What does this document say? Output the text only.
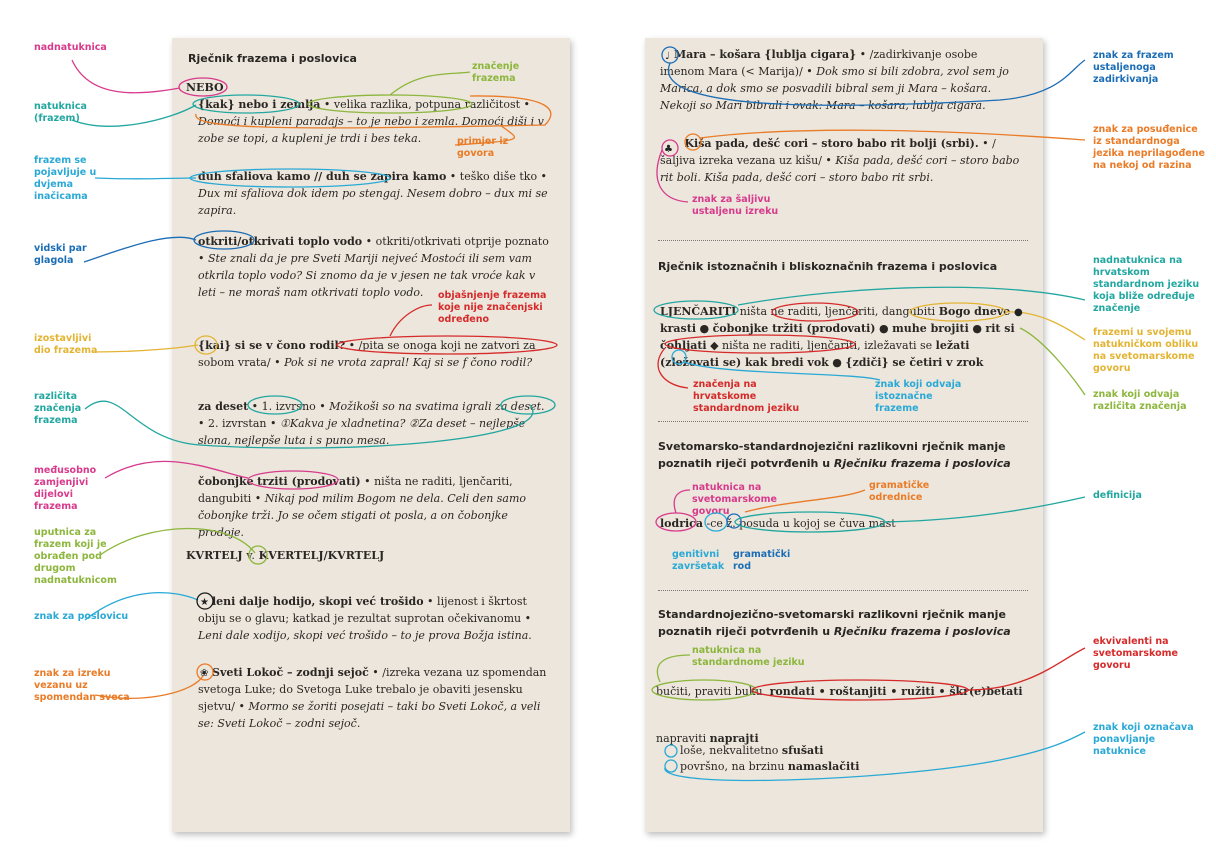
Rječnik frazema i poslovica
NEBO
{kak} nebo i zemlja • velika razlika, potpuna različitost • Domoći i kupleni paradajs – to je nebo i zemla. Domoći diši i v zobe se topi, a kupleni je trdi i bes teka.
duh sfaliova kamo // duh se zapira kamo • teško diše tko • Dux mi sfaliova dok idem po stengaj. Nesem dobro – dux mi se zapira.
otkriti/otkrivati toplo vodo • otkriti/otkrivati otprije poznato • Ste znali da je pre Sveti Mariji nejveć Mostoći ili sem vam otkrila toplo vodo? Si znomo da je v jesen ne tak vroće kak v leti – ne moraš nam otkrivati toplo vodo.
{kai} si se v čono rodil? • /pita se onoga koji ne zatvori za sobom vrata/ • Pok si ne vrota zapral! Kaj si se f čono rodil?
za deset • 1. izvrsno • Možikoši so na svatima igrali za deset. • 2. izvrstan • ①Kakva je xladnetina? ②Za deset – nejlepše slona, nejlepše luta i s puno mesa.
čobonjke trziti (prodovati) • ništa ne raditi, ljenčariti, dangubiti • Nikaj pod milim Bogom ne dela. Celi den samo čobonjke trži. Jo se očem stigati ot posla, a on čobonjke prodoje.
KVRTELJ v. KVERTELJ/KVRTELJ
leni dalje hodijo, skopi već trošido • lijenost i škrtost obiju se o glavu; katkad je rezultat suprotan očekivanomu • Leni dale xodijo, skopi već trošido – to je prova Božja istina.
Sveti Lokoč – zodnji sejoč • /izreka vezana uz spomendan svetoga Luke; do Svetoga Luke trebalo je obaviti jesensku sjetvu/ • Mormo se žoriti posejati – taki bo Sveti Lokoč, a veli se: Sveti Lokoč – zodni sejoč.
Mara – košara {lublja cigara} • /zadirkivanje osobe imenom Mara (< Marija)/ • Dok smo si bili zdobra, zvol sem jo Marica, a dok smo se posvadili bibral sem ji Mara – košara. Nekoji so Mari bibrali i ovak: Mara – košara, lublja cigara.
Kiša pada, dešć cori – storo babo rit bolji (srbi). • /šaljiva izreka vezana uz kišu/ • Kiša pada, dešć cori – storo babo rit boli. Kiša pada, dešć cori – storo babo rit srbi.
Rječnik istoznačnih i bliskoznačnih frazema i poslovica
LJENČARITI ništa ne raditi, ljenčariti, dangubiti Bogo dneve krasti ● čobonjke tržiti (prodovati) ● muhe brojiti ● rit si čohljati ◆ ništa ne raditi, ljenčariti, izležavati se ležati (zležovati se) kak bredi vok ● {zdiči} se četiri v zrok
Svetomarsko-standardnojezični razlikovni rječnik manje poznatih riječi potvrđenih u Rječniku frazema i poslovica
lodrica -ce ž. posuda u kojoj se čuva mast
Standardnojezično-svetomarski razlikovni rječnik manje poznatih riječi potvrđenih u Rječniku frazema i poslovica
bučiti, praviti buku rondati • roštanjiti • ružiti • škr(e)betati
napraviti naprajti
loše, nekvalitetno sfušati
površno, na brzinu namaslačiti
nadnatuknica
natuknica (frazem)
frazem se pojavljuje u dvjema inačicama
vidski par glagola
izostavljivi dio frazema
različita značenja frazema
međusobno zamjenjivi dijelovi frazema
uputnica za frazem koji je obrađen pod drugom nadnatuknicom
znak za poslovicu
znak za izreku vezanu uz spomendan sveca
značenje frazema
primjer iz govora
objašnjenje frazema koje nije značenjski određeno
znak za šaljivu ustaljenu izreku
značenja na hrvatskome standardnom jeziku
znak koji odvaja istoznačne frazeme
natuknica na svetomarskome govoru
gramatičke odrednice
genitivni završetak
gramatički rod
natuknica na standardnome jeziku
znak za frazem ustaljenoga zadirkivanja
znak za posuđenice iz standardnoga jezika neprilagođene na nekoj od razina
nadnatuknica na hrvatskom standardnom jeziku koja bliže određuje značenje
frazemi u svojemu natukničkom obliku na svetomarskome govoru
znak koji odvaja različita značenja
definicija
ekvivalenti na svetomarskome govoru
znak koji označava ponavljanje natuknice
★
❀
♩
♣
●
